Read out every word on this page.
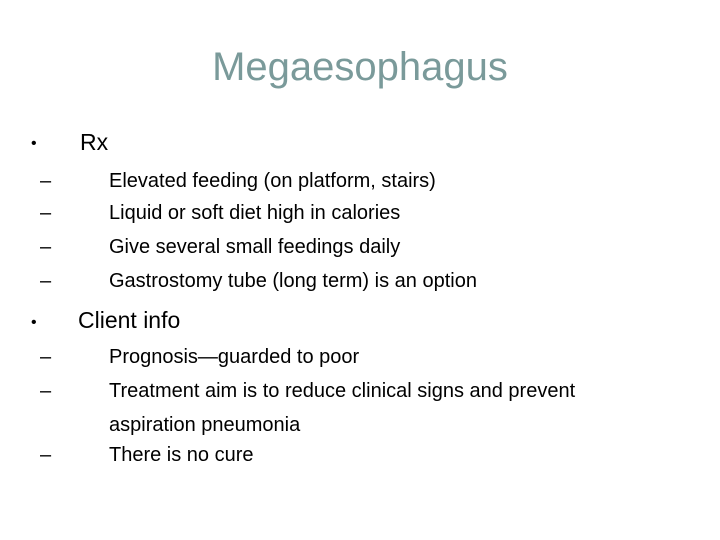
Megaesophagus
• Rx
–	Elevated feeding (on platform, stairs)
–	Liquid or soft diet high in calories
–	Give several small feedings daily
–	Gastrostomy tube (long term) is an option
• Client info
–	Prognosis—guarded to poor
–	Treatment aim is to reduce clinical signs and prevent aspiration pneumonia
–	There is no cure
